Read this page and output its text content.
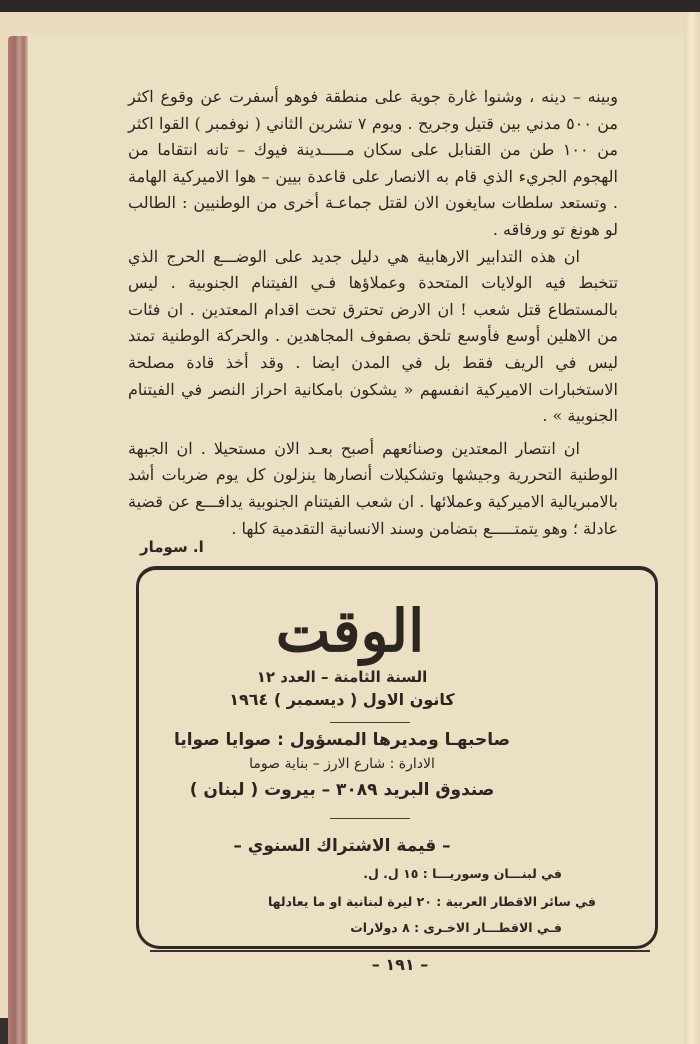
وبينه – دينه ، وشنوا غارة جوية على منطقة فوهو أسفرت عن وقوع اكثر من ٥٠٠ مدني بين قتيل وجريح . ويوم ٧ تشرين الثاني ( نوفمبر ) القوا اكثر من ١٠٠ طن من القنابل على سكان مـــــدينة فيوك – تانه انتقاما من الهجوم الجريء الذي قام به الانصار على قاعدة بيين – هوا الاميركية الهامة . وتستعد سلطات سايغون الان لقتل جماعـة أخرى من الوطنيين : الطالب لو هونغ تو ورفاقه .

ان هذه التدابير الارهابية هي دليل جديد على الوضـــع الحرج الذي تتخبط فيه الولايات المتحدة وعملاؤها فـي الفيتنام الجنوبية . ليس بالمستطاع قتل شعب ! ان الارض تحترق تحت اقدام المعتدين . ان فئات من الاهلين أوسع فأوسع تلحق بصفوف المجاهدين . والحركة الوطنية تمتد ليس في الريف فقط بل في المدن ايضا . وقد أخذ قادة مصلحة الاستخبارات الاميركية انفسهم « يشكون بامكانية احراز النصر في الفيتنام الجنوبية » .

ان انتصار المعتدين وصنائعهم أصبح بعـد الان مستحيلا . ان الجبهة الوطنية التحررية وجيشها وتشكيلات أنصارها ينزلون كل يوم ضربات أشد بالامبريالية الاميركية وعملائها . ان شعب الفيتنام الجنوبية يدافـــع عن قضية عادلة ؛ وهو يتمتـــــع بتضامن وسند الانسانية التقدمية كلها .

ا. سومار
الوقت
السنة الثامنة – العدد ١٢
كانون الاول ( ديسمبر ) ١٩٦٤
صاحبهـا ومديرها المسؤول : صوايا صوايا
الادارة : شارع الارز – بناية صوما
صندوق البريد ٣٠٨٩ – بيروت ( لبنان )
– قيمة الاشتراك السنوي –
في لبنـــان وسوريـــا : ١٥ ل. ل.
في سائر الاقطار العربية : ٢٠ ليرة لبنانية او ما يعادلها
فـي الاقطـــار الاخـرى : ٨ دولارات
– ١٩١ –
